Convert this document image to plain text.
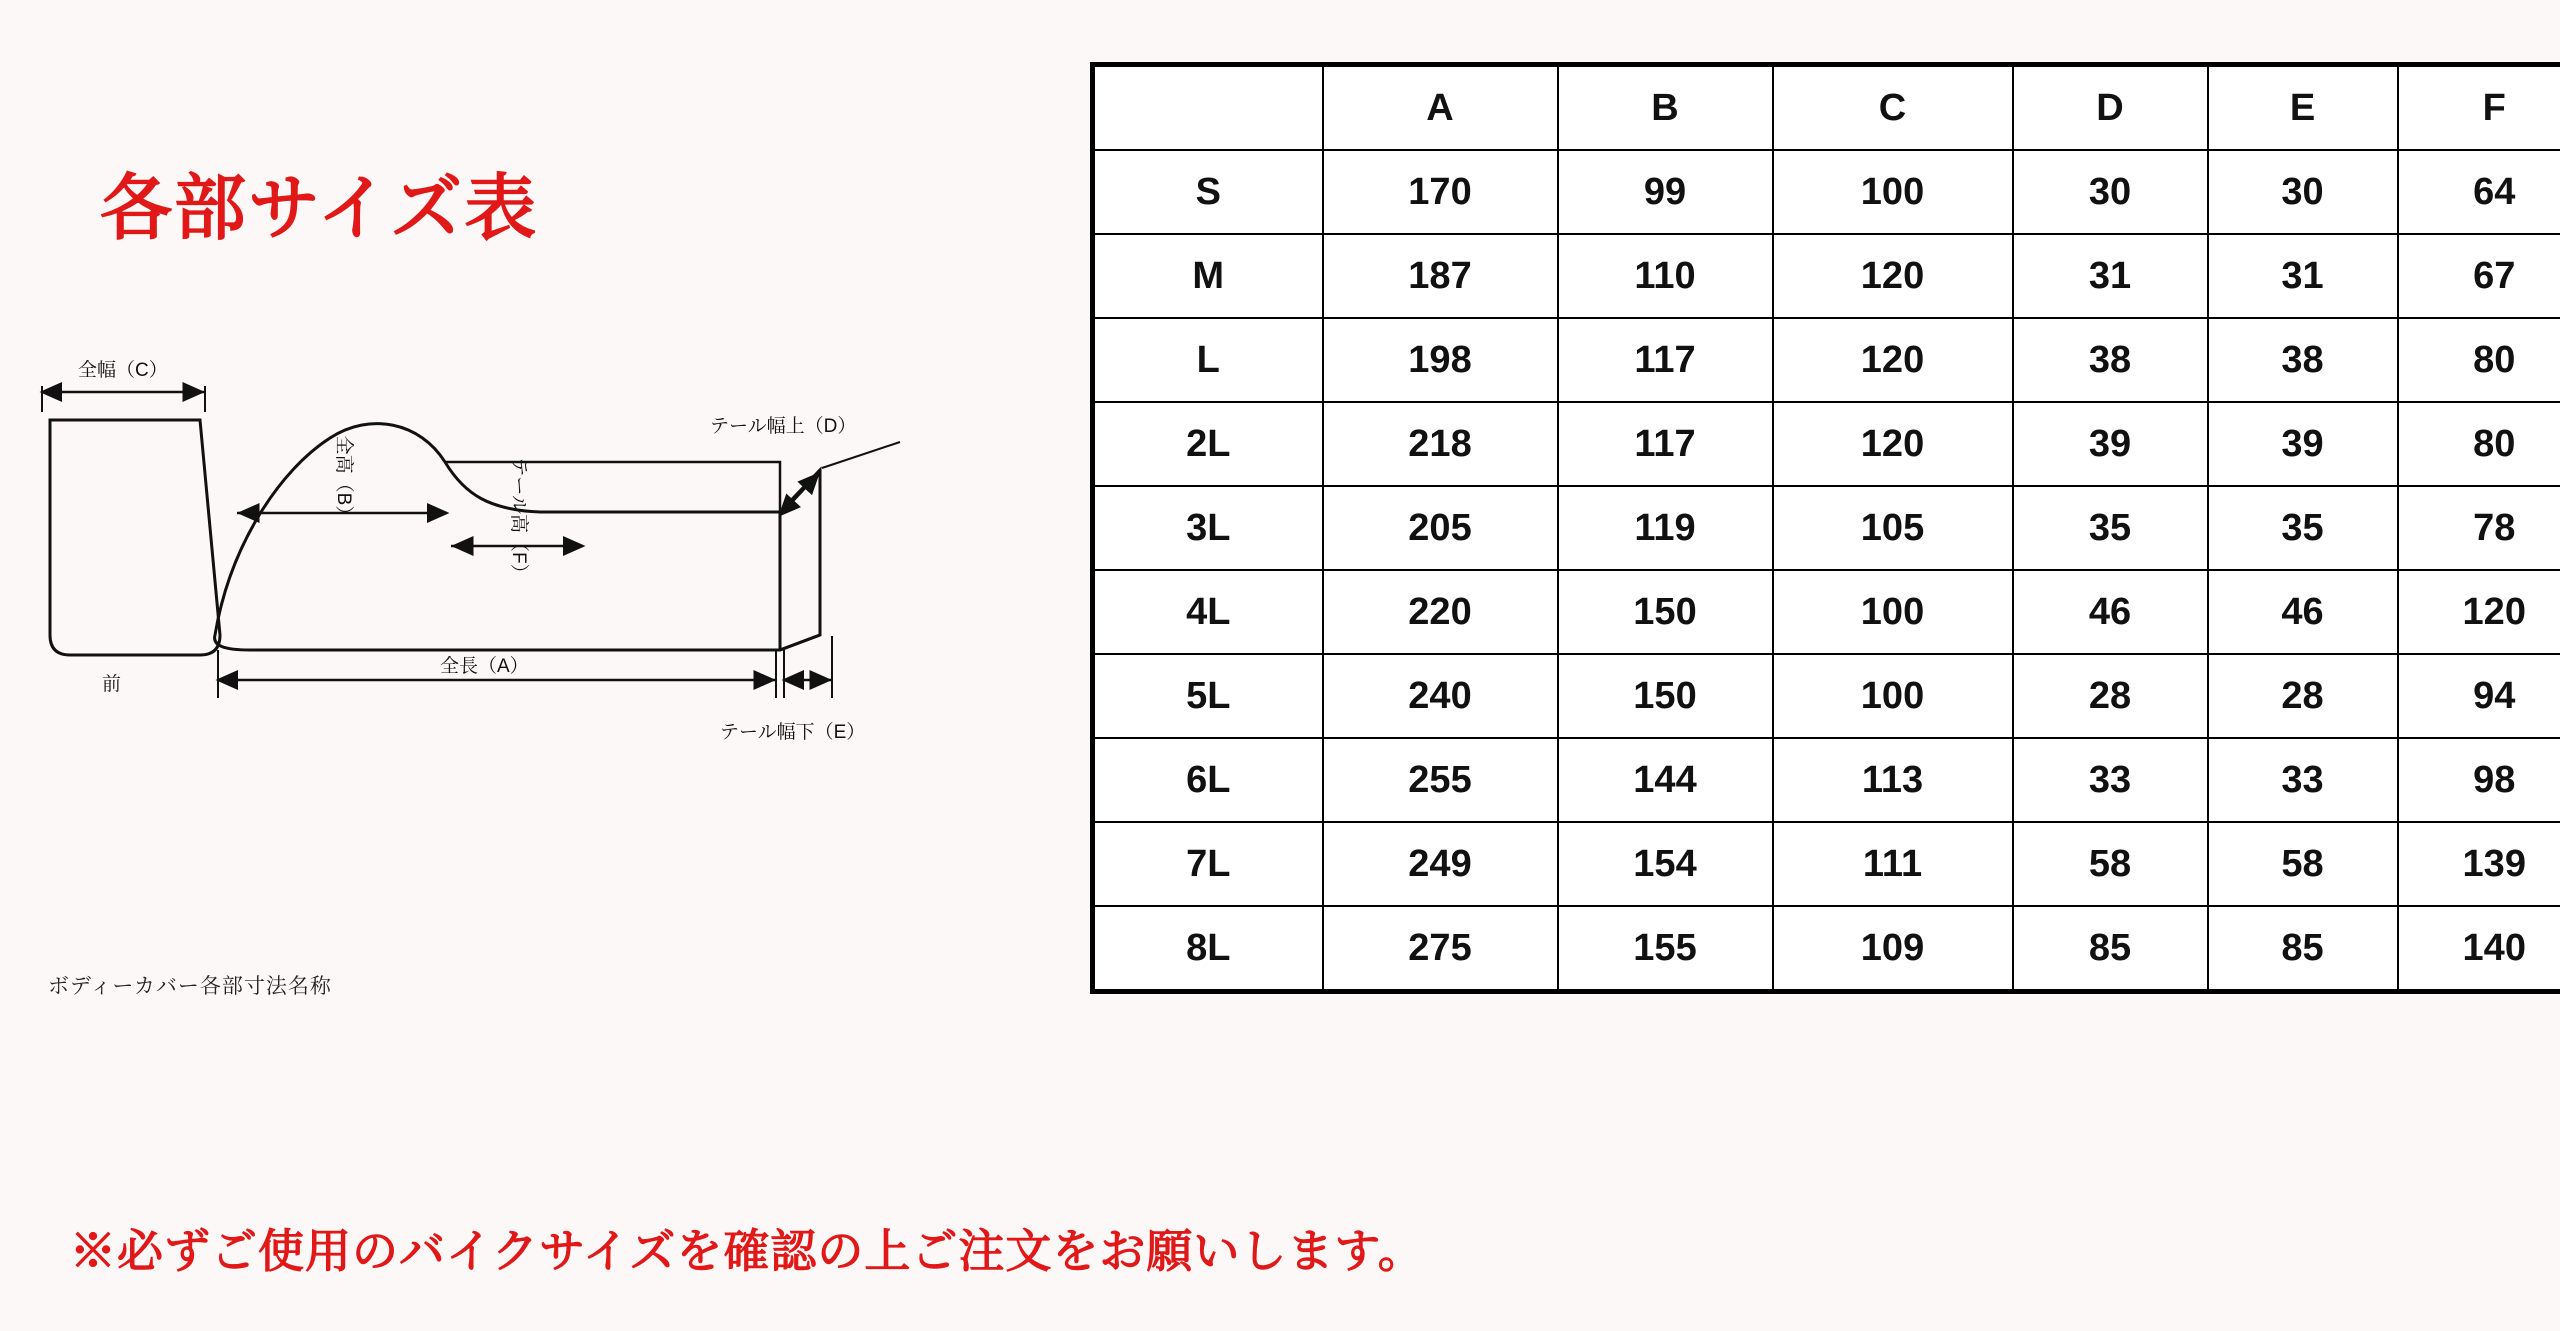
各部サイズ表
全幅（C）
前
全高（B）	テール高（F）
テール幅上（D）
全長（A）
テール幅下（E）
ボディーカバー各部寸法名称
	A	B	C	D	E	F
S	170	99	100	30	30	64
M	187	110	120	31	31	67
L	198	117	120	38	38	80
2L	218	117	120	39	39	80
3L	205	119	105	35	35	78
4L	220	150	100	46	46	120
5L	240	150	100	28	28	94
6L	255	144	113	33	33	98
7L	249	154	111	58	58	139
8L	275	155	109	85	85	140
※必ずご使用のバイクサイズを確認の上ご注文をお願いします。
